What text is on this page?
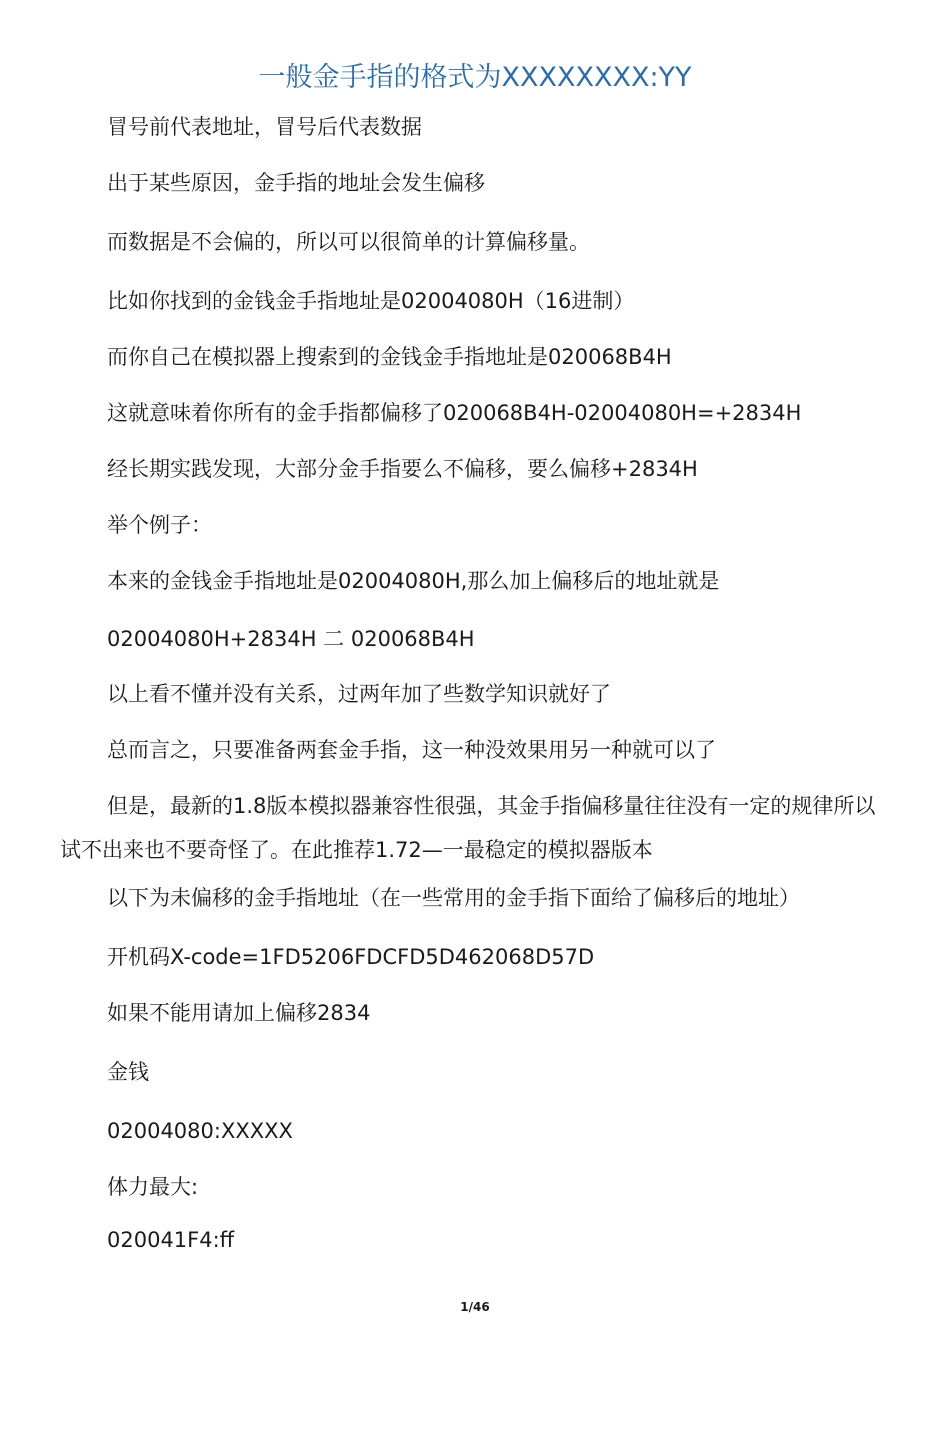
一般金手指的格式为XXXXXXXX:YY

冒号前代表地址，冒号后代表数据

出于某些原因，金手指的地址会发生偏移

而数据是不会偏的，所以可以很简单的计算偏移量。

比如你找到的金钱金手指地址是02004080H（16进制）

而你自己在模拟器上搜索到的金钱金手指地址是020068B4H

这就意味着你所有的金手指都偏移了020068B4H-02004080H=+2834H

经长期实践发现，大部分金手指要么不偏移，要么偏移+2834H

举个例子：

本来的金钱金手指地址是02004080H,那么加上偏移后的地址就是

02004080H+2834H 二 020068B4H

以上看不懂并没有关系，过两年加了些数学知识就好了

总而言之，只要准备两套金手指，这一种没效果用另一种就可以了

但是，最新的1.8版本模拟器兼容性很强，其金手指偏移量往往没有一定的规律所以试不出来也不要奇怪了。在此推荐1.72—一最稳定的模拟器版本

以下为未偏移的金手指地址（在一些常用的金手指下面给了偏移后的地址）

开机码X-code=1FD5206FDCFD5D462068D57D

如果不能用请加上偏移2834

金钱

02004080:XXXXX

体力最大:

020041F4:ff

1/46
